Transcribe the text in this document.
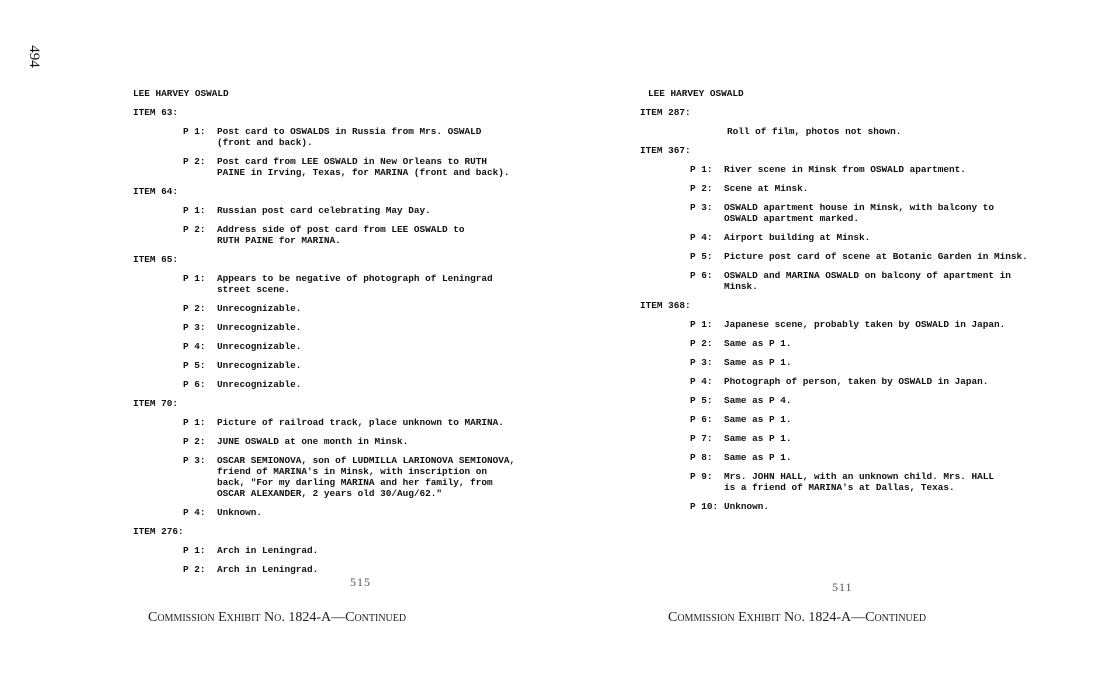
494
LEE HARVEY OSWALD
ITEM 63:
P 1:	Post card to OSWALDS in Russia from Mrs. OSWALD
(front and back).
P 2:	Post card from LEE OSWALD in New Orleans to RUTH
PAINE in Irving, Texas, for MARINA (front and back).
ITEM 64:
P 1:	Russian post card celebrating May Day.
P 2:	Address side of post card from LEE OSWALD to
RUTH PAINE for MARINA.
ITEM 65:
P 1:	Appears to be negative of photograph of Leningrad
street scene.
P 2:	Unrecognizable.
P 3:	Unrecognizable.
P 4:	Unrecognizable.
P 5:	Unrecognizable.
P 6:	Unrecognizable.
ITEM 70:
P 1:	Picture of railroad track, place unknown to MARINA.
P 2:	JUNE OSWALD at one month in Minsk.
P 3:	OSCAR SEMIONOVA, son of LUDMILLA LARIONOVA SEMIONOVA,
friend of MARINA's in Minsk, with inscription on
back, "For my darling MARINA and her family, from
OSCAR ALEXANDER, 2 years old 30/Aug/62."
P 4:	Unknown.
ITEM 276:
P 1:	Arch in Leningrad.
P 2:	Arch in Leningrad.
LEE HARVEY OSWALD
ITEM 287:
Roll of film, photos not shown.
ITEM 367:
P 1:	River scene in Minsk from OSWALD apartment.
P 2:	Scene at Minsk.
P 3:	OSWALD apartment house in Minsk, with balcony to
OSWALD apartment marked.
P 4:	Airport building at Minsk.
P 5:	Picture post card of scene at Botanic Garden in Minsk.
P 6:	OSWALD and MARINA OSWALD on balcony of apartment in
Minsk.
ITEM 368:
P 1:	Japanese scene, probably taken by OSWALD in Japan.
P 2:	Same as P 1.
P 3:	Same as P 1.
P 4:	Photograph of person, taken by OSWALD in Japan.
P 5:	Same as P 4.
P 6:	Same as P 1.
P 7:	Same as P 1.
P 8:	Same as P 1.
P 9:	Mrs. JOHN HALL, with an unknown child. Mrs. HALL
is a friend of MARINA's at Dallas, Texas.
P 10: Unknown.
515	511
Commission Exhibit No. 1824-A—Continued	Commission Exhibit No. 1824-A—Continued
